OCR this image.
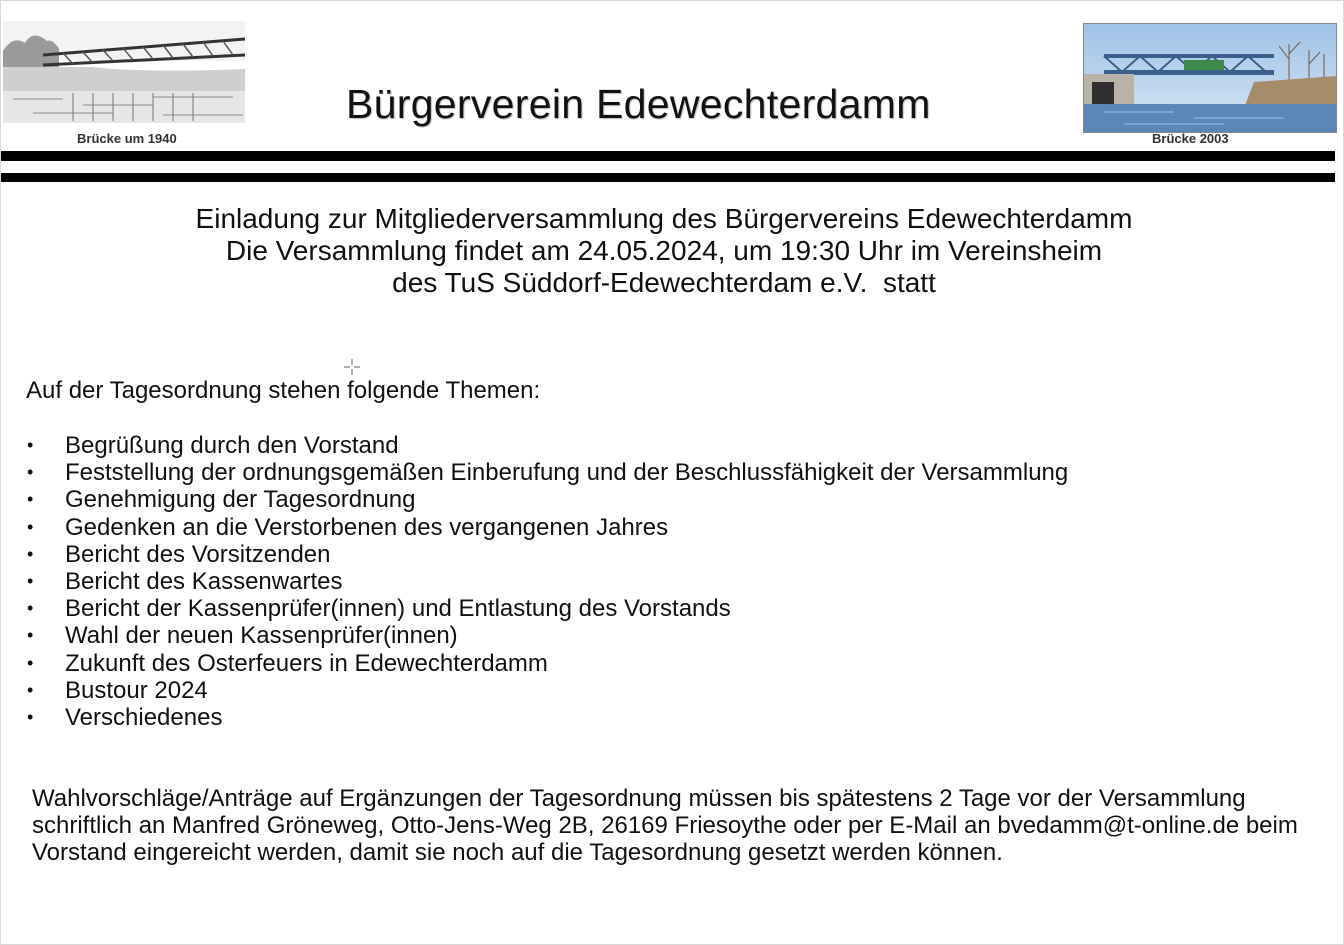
Brücke um 1940
Bürgerverein Edewechterdamm
Brücke 2003
Einladung zur Mitgliederversammlung des Bürgervereins Edewechterdamm
Die Versammlung findet am 24.05.2024, um 19:30 Uhr im Vereinsheim
des TuS Süddorf-Edewechterdam e.V.  statt
Auf der Tagesordnung stehen folgende Themen:
• Begrüßung durch den Vorstand
• Feststellung der ordnungsgemäßen Einberufung und der Beschlussfähigkeit der Versammlung
• Genehmigung der Tagesordnung
• Gedenken an die Verstorbenen des vergangenen Jahres
• Bericht des Vorsitzenden
• Bericht des Kassenwartes
• Bericht der Kassenprüfer(innen) und Entlastung des Vorstands
• Wahl der neuen Kassenprüfer(innen)
• Zukunft des Osterfeuers in Edewechterdamm
• Bustour 2024
• Verschiedenes
Wahlvorschläge/Anträge auf Ergänzungen der Tagesordnung müssen bis spätestens 2 Tage vor der Versammlung schriftlich an Manfred Gröneweg, Otto-Jens-Weg 2B, 26169 Friesoythe oder per E-Mail an bvedamm@t-online.de beim Vorstand eingereicht werden, damit sie noch auf die Tagesordnung gesetzt werden können.
